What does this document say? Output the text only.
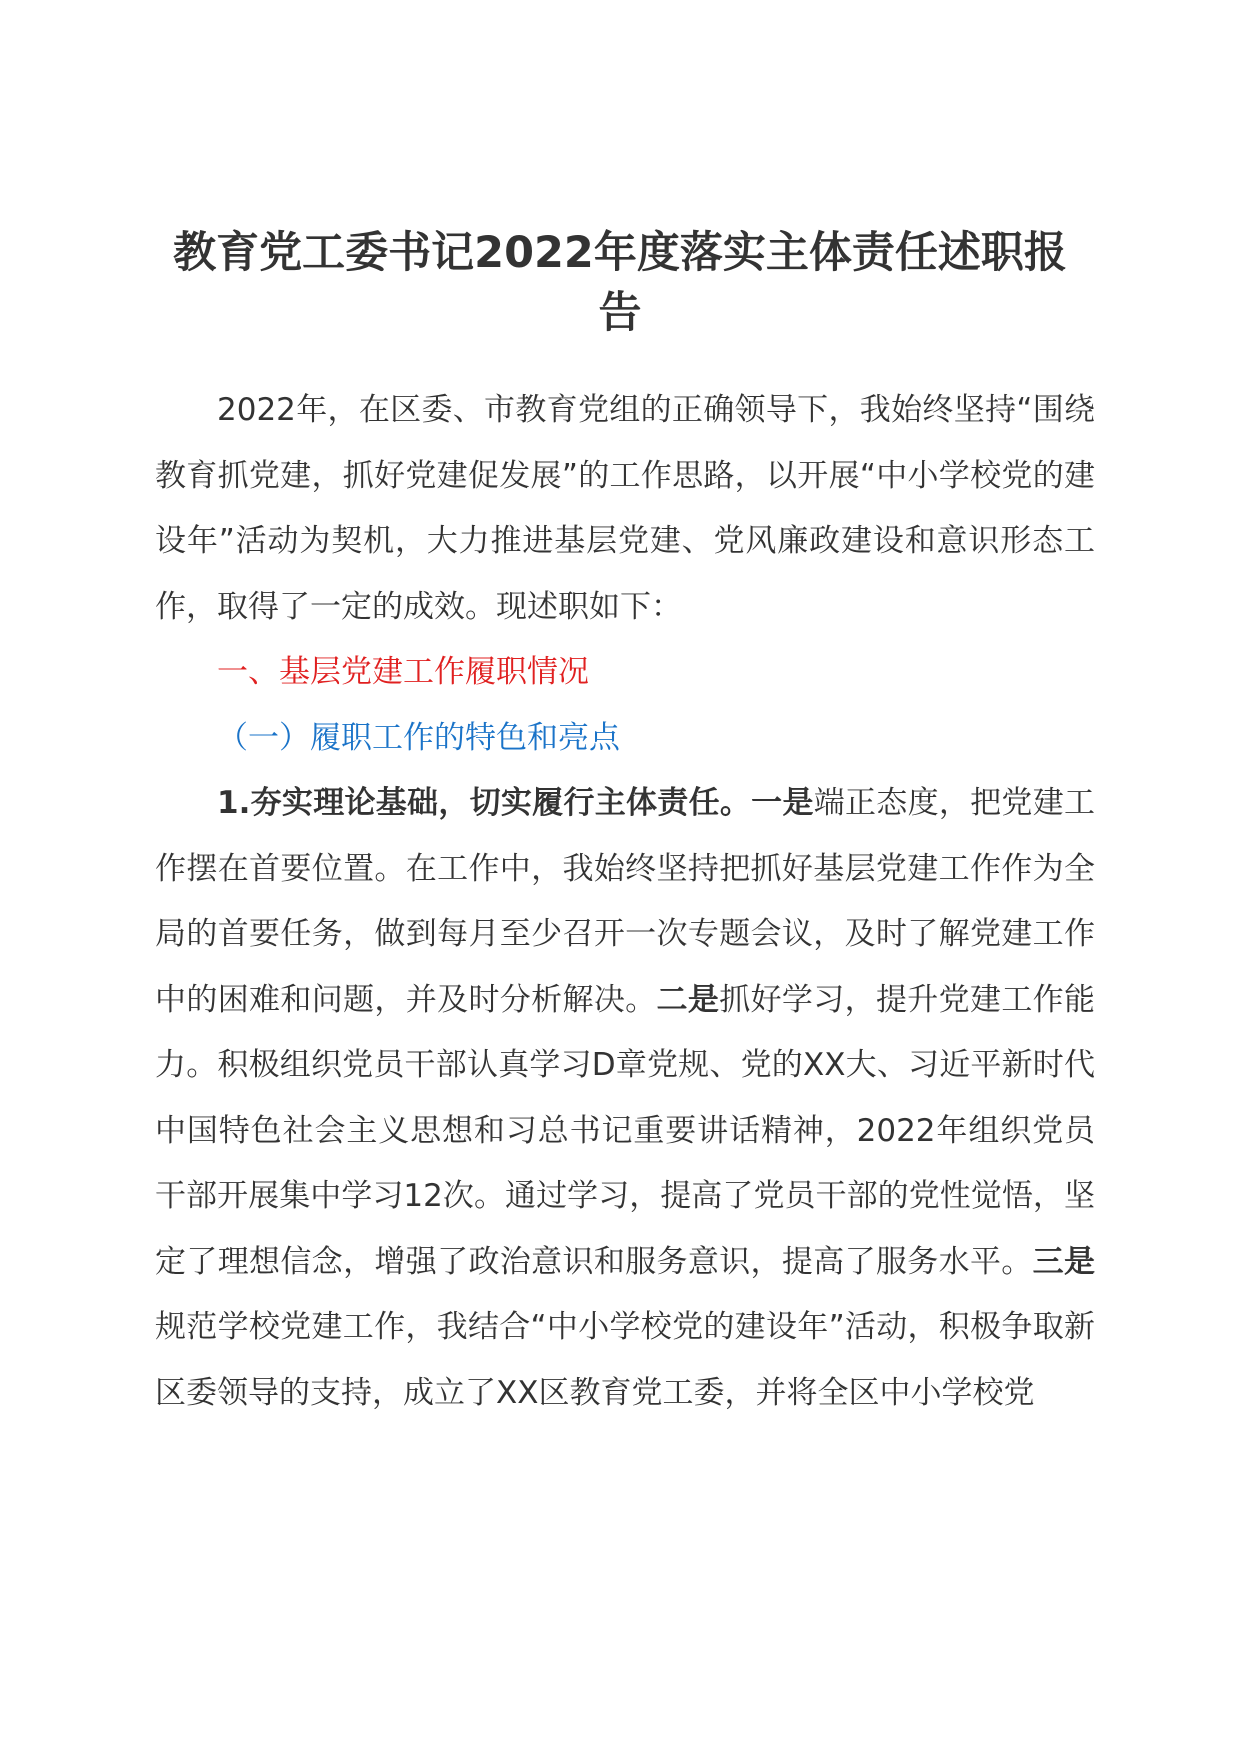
教育党工委书记2022年度落实主体责任述职报告

2022年，在区委、市教育党组的正确领导下，我始终坚持“围绕教育抓党建，抓好党建促发展”的工作思路，以开展“中小学校党的建设年”活动为契机，大力推进基层党建、党风廉政建设和意识形态工作，取得了一定的成效。现述职如下：

一、基层党建工作履职情况

（一）履职工作的特色和亮点

1.夯实理论基础，切实履行主体责任。一是端正态度，把党建工作摆在首要位置。在工作中，我始终坚持把抓好基层党建工作作为全局的首要任务，做到每月至少召开一次专题会议，及时了解党建工作中的困难和问题，并及时分析解决。二是抓好学习，提升党建工作能力。积极组织党员干部认真学习D章党规、党的XX大、习近平新时代中国特色社会主义思想和习总书记重要讲话精神，2022年组织党员干部开展集中学习12次。通过学习，提高了党员干部的党性觉悟，坚定了理想信念，增强了政治意识和服务意识，提高了服务水平。三是规范学校党建工作，我结合“中小学校党的建设年”活动，积极争取新区委领导的支持，成立了XX区教育党工委，并将全区中小学校党
